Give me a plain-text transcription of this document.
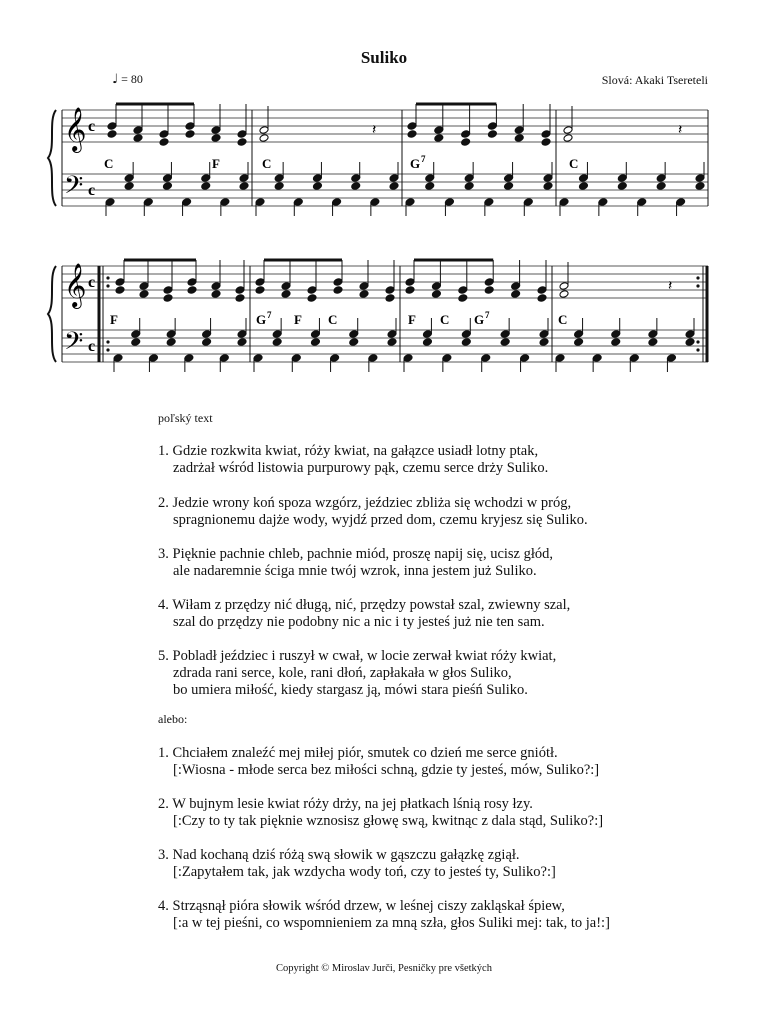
Suliko
♩ = 80	Slová: Akaki Tsereteli
𝄞
𝄢
c
c
𝄽	𝄽
𝄞
𝄢
c
c
𝄽
C	F	C	G 7	C
F	G 7 F C	F C G 7	C
poľský text
1. Gdzie rozkwita kwiat, róży kwiat, na gałązce usiadł lotny ptak,
zadrżał wśród listowia purpurowy pąk, czemu serce drży Suliko.
2. Jedzie wrony koń spoza wzgórz, jeździec zbliża się wchodzi w próg,
spragnionemu dajże wody, wyjdź przed dom, czemu kryjesz się Suliko.
3. Pięknie pachnie chleb, pachnie miód, proszę napij się, ucisz głód,
ale nadaremnie ściga mnie twój wzrok, inna jestem już Suliko.
4. Wiłam z przędzy nić długą, nić, przędzy powstał szal, zwiewny szal,
szal do przędzy nie podobny nic a nic i ty jesteś już nie ten sam.
5. Pobladł jeździec i ruszył w cwał, w locie zerwał kwiat róży kwiat,
zdrada rani serce, kole, rani dłoń, zapłakała w głos Suliko,
bo umiera miłość, kiedy stargasz ją, mówi stara pieśń Suliko.
alebo:
1. Chciałem znaleźć mej miłej piór, smutek co dzień me serce gniótł.
[:Wiosna - młode serca bez miłości schną, gdzie ty jesteś, mów, Suliko?:]
2. W bujnym lesie kwiat róży drży, na jej płatkach lśnią rosy łzy.
[:Czy to ty tak pięknie wznosisz głowę swą, kwitnąc z dala stąd, Suliko?:]
3. Nad kochaną dziś różą swą słowik w gąszczu gałązkę zgiął.
[:Zapytałem tak, jak wzdycha wody toń, czy to jesteś ty, Suliko?:]
4. Strząsnął pióra słowik wśród drzew, w leśnej ciszy zakląskał śpiew,
[:a w tej pieśni, co wspomnieniem za mną szła, głos Suliki mej: tak, to ja!:]
Copyright © Miroslav Jurči, Pesničky pre všetkých
